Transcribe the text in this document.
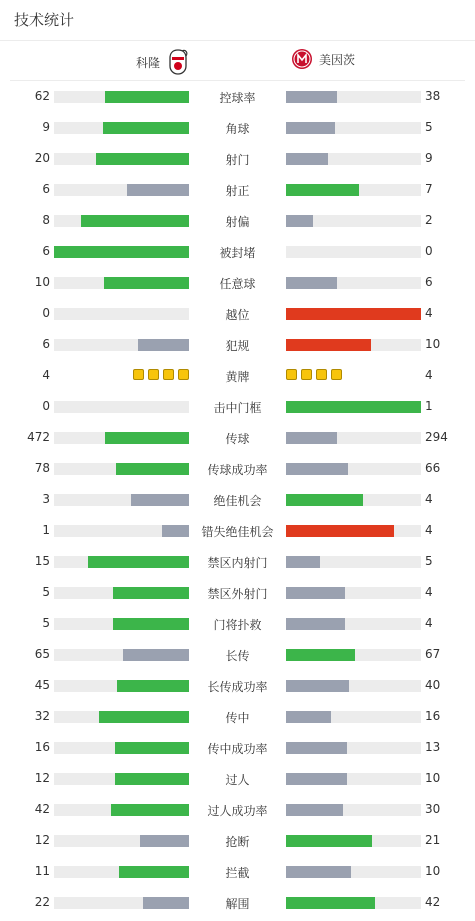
技术统计
科隆	美因茨
62	控球率	38
9	角球	5
20	射门	9
6	射正	7
8	射偏	2
6	被封堵	0
10	任意球	6
0	越位	4
6	犯规	10
4	黄牌	4
0	击中门框	1
472	传球	294
78	传球成功率	66
3	绝佳机会	4
1	错失绝佳机会	4
15	禁区内射门	5
5	禁区外射门	4
5	门将扑救	4
65	长传	67
45	长传成功率	40
32	传中	16
16	传中成功率	13
12	过人	10
42	过人成功率	30
12	抢断	21
11	拦截	10
22	解围	42
